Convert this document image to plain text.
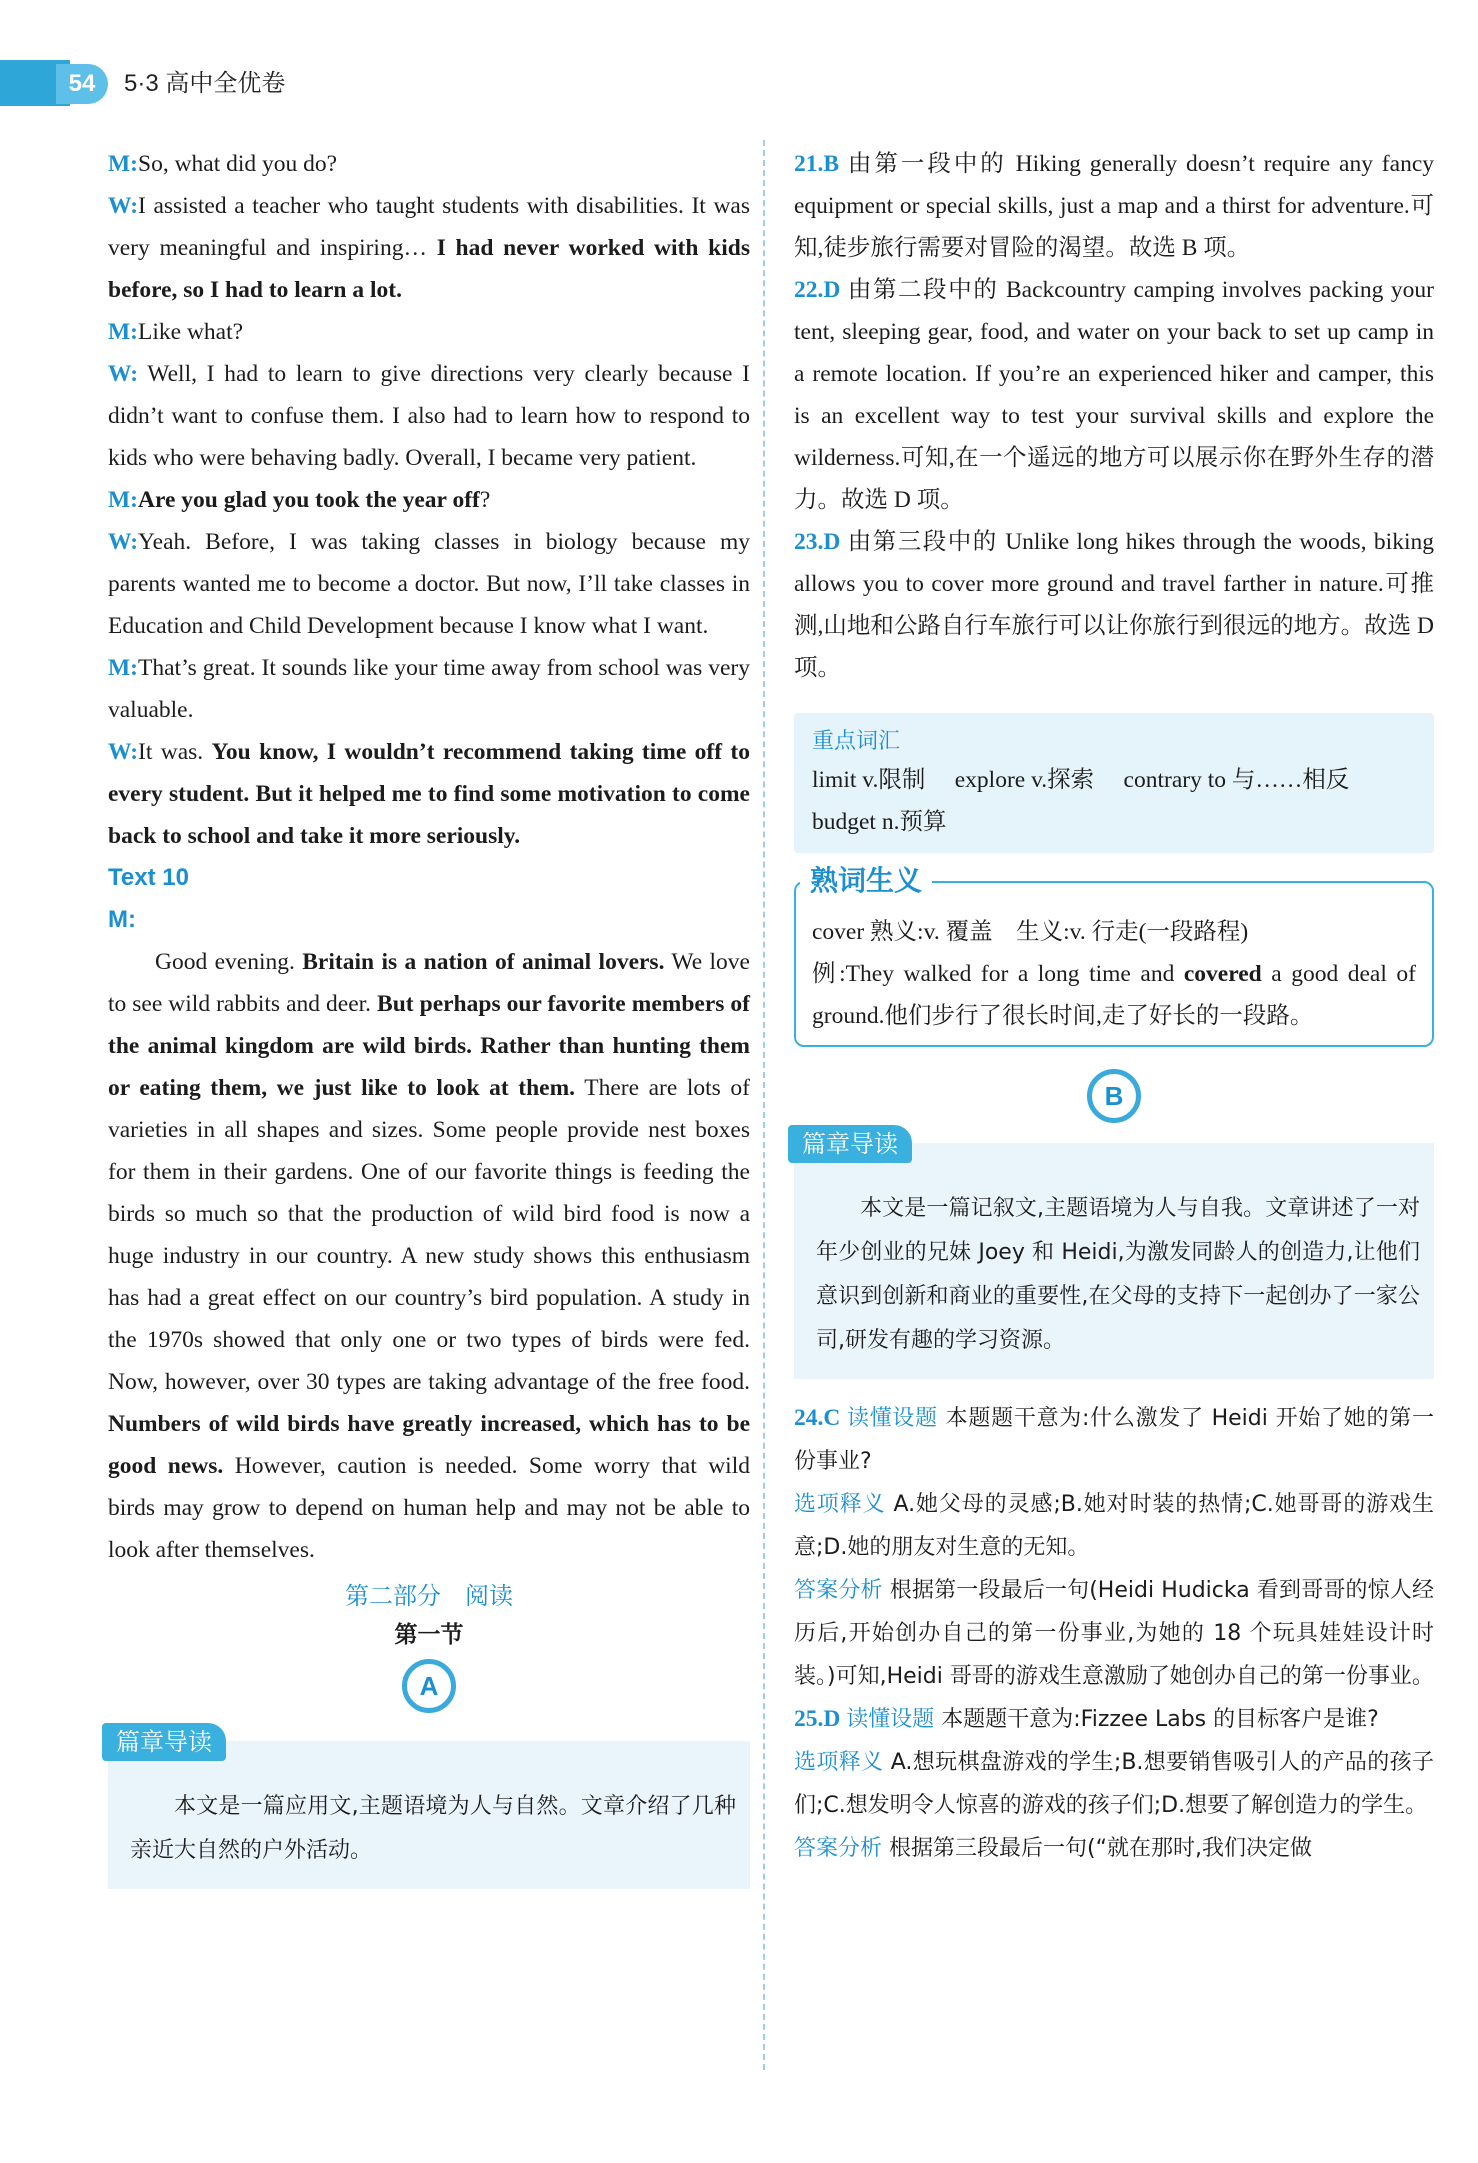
54	5·3 高中全优卷

M:So, what did you do?

W:I assisted a teacher who taught students with disabilities. It was very meaningful and inspiring… I had never worked with kids before, so I had to learn a lot.

M:Like what?

W: Well, I had to learn to give directions very clearly because I didn’t want to confuse them. I also had to learn how to respond to kids who were behaving badly. Overall, I became very patient.

M:Are you glad you took the year off?

W:Yeah. Before, I was taking classes in biology because my parents wanted me to become a doctor. But now, I’ll take classes in Education and Child Development because I know what I want.

M:That’s great. It sounds like your time away from school was very valuable.

W:It was. You know, I wouldn’t recommend taking time off to every student. But it helped me to find some motivation to come back to school and take it more seriously.

Text 10
M:

Good evening. Britain is a nation of animal lovers. We love to see wild rabbits and deer. But perhaps our favorite members of the animal kingdom are wild birds. Rather than hunting them or eating them, we just like to look at them. There are lots of varieties in all shapes and sizes. Some people provide nest boxes for them in their gardens. One of our favorite things is feeding the birds so much so that the production of wild bird food is now a huge industry in our country. A new study shows this enthusiasm has had a great effect on our country’s bird population. A study in the 1970s showed that only one or two types of birds were fed. Now, however, over 30 types are taking advantage of the free food. Numbers of wild birds have greatly increased, which has to be good news. However, caution is needed. Some worry that wild birds may grow to depend on human help and may not be able to look after themselves.

第二部分　阅读
第一节
A
篇章导读

本文是一篇应用文,主题语境为人与自然。文章介绍了几种亲近大自然的户外活动。

21.B 由第一段中的 Hiking generally doesn’t require any fancy equipment or special skills, just a map and a thirst for adventure.可知,徒步旅行需要对冒险的渴望。故选 B 项。

22.D 由第二段中的 Backcountry camping involves packing your tent, sleeping gear, food, and water on your back to set up camp in a remote location. If you’re an experienced hiker and camper, this is an excellent way to test your survival skills and explore the wilderness.可知,在一个遥远的地方可以展示你在野外生存的潜力。故选 D 项。

23.D 由第三段中的 Unlike long hikes through the woods, biking allows you to cover more ground and travel farther in nature.可推测,山地和公路自行车旅行可以让你旅行到很远的地方。故选 D 项。

重点词汇

limit v.限制　 explore v.探索　 contrary to 与……相反

budget n.预算

熟词生义

cover 熟义:v. 覆盖　生义:v. 行走(一段路程)

例:They walked for a long time and covered a good deal of ground.他们步行了很长时间,走了好长的一段路。

B
篇章导读

本文是一篇记叙文,主题语境为人与自我。文章讲述了一对年少创业的兄妹 Joey 和 Heidi,为激发同龄人的创造力,让他们意识到创新和商业的重要性,在父母的支持下一起创办了一家公司,研发有趣的学习资源。

24.C 读懂设题 本题题干意为:什么激发了 Heidi 开始了她的第一份事业?

选项释义 A.她父母的灵感;B.她对时装的热情;C.她哥哥的游戏生意;D.她的朋友对生意的无知。

答案分析 根据第一段最后一句(Heidi Hudicka 看到哥哥的惊人经历后,开始创办自己的第一份事业,为她的 18 个玩具娃娃设计时装。)可知,Heidi 哥哥的游戏生意激励了她创办自己的第一份事业。

25.D 读懂设题 本题题干意为:Fizzee Labs 的目标客户是谁?

选项释义 A.想玩棋盘游戏的学生;B.想要销售吸引人的产品的孩子们;C.想发明令人惊喜的游戏的孩子们;D.想要了解创造力的学生。

答案分析 根据第三段最后一句(“就在那时,我们决定做
